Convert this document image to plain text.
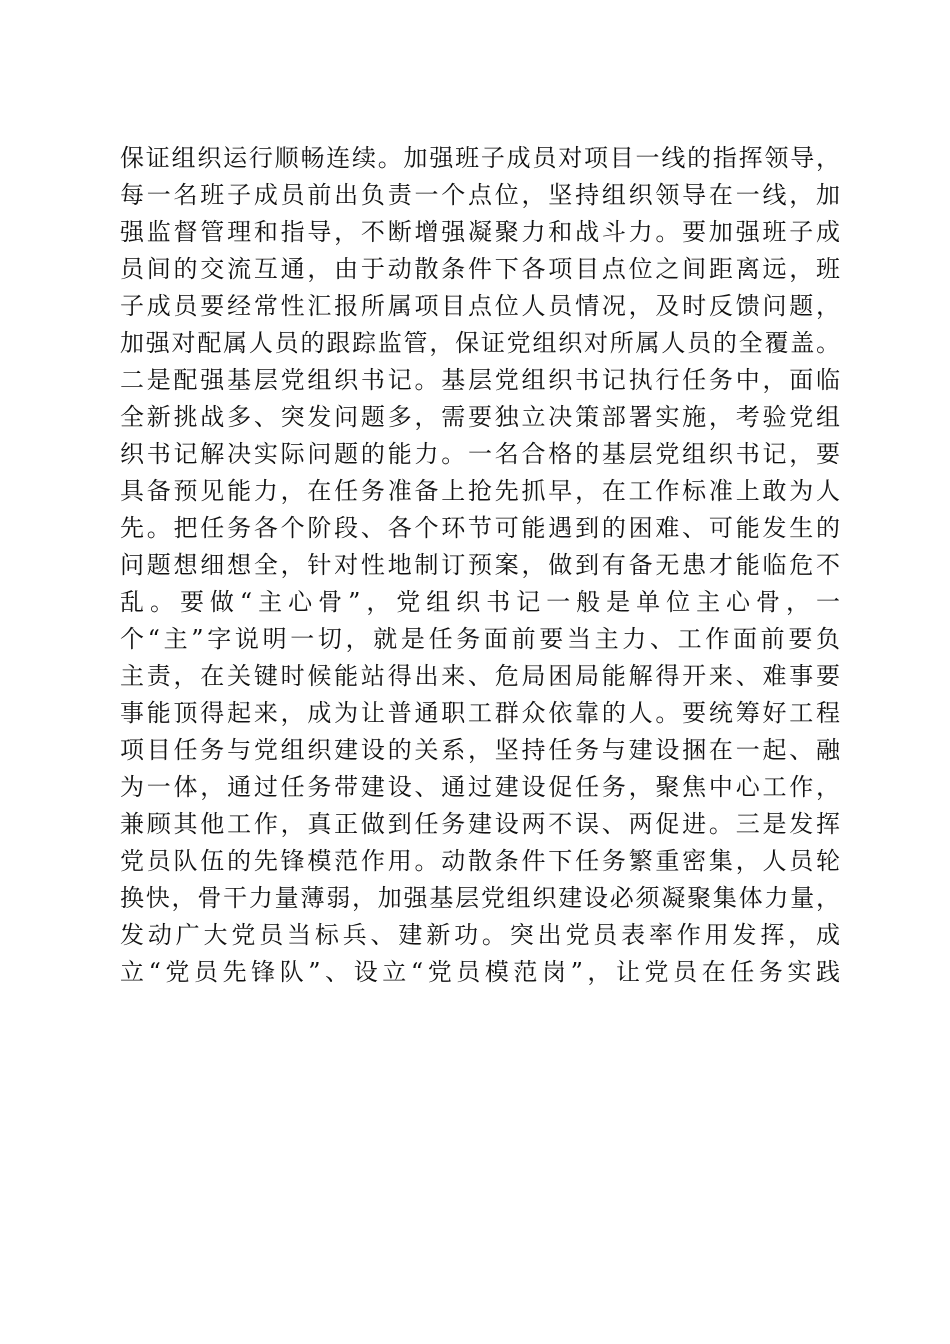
保证组织运行顺畅连续。加强班子成员对项目一线的指挥领导，
每一名班子成员前出负责一个点位，坚持组织领导在一线，加
强监督管理和指导，不断增强凝聚力和战斗力。要加强班子成
员间的交流互通，由于动散条件下各项目点位之间距离远，班
子成员要经常性汇报所属项目点位人员情况，及时反馈问题，
加强对配属人员的跟踪监管，保证党组织对所属人员的全覆盖。
二是配强基层党组织书记。基层党组织书记执行任务中，面临
全新挑战多、突发问题多，需要独立决策部署实施，考验党组
织书记解决实际问题的能力。一名合格的基层党组织书记，要
具备预见能力，在任务准备上抢先抓早，在工作标准上敢为人
先。把任务各个阶段、各个环节可能遇到的困难、可能发生的
问题想细想全，针对性地制订预案，做到有备无患才能临危不
乱。要做“主心骨”，党组织书记一般是单位主心骨，一
个“主”字说明一切，就是任务面前要当主力、工作面前要负
主责，在关键时候能站得出来、危局困局能解得开来、难事要
事能顶得起来，成为让普通职工群众依靠的人。要统筹好工程
项目任务与党组织建设的关系，坚持任务与建设捆在一起、融
为一体，通过任务带建设、通过建设促任务，聚焦中心工作，
兼顾其他工作，真正做到任务建设两不误、两促进。三是发挥
党员队伍的先锋模范作用。动散条件下任务繁重密集，人员轮
换快，骨干力量薄弱，加强基层党组织建设必须凝聚集体力量，
发动广大党员当标兵、建新功。突出党员表率作用发挥，成
立“党员先锋队”、设立“党员模范岗”，让党员在任务实践
